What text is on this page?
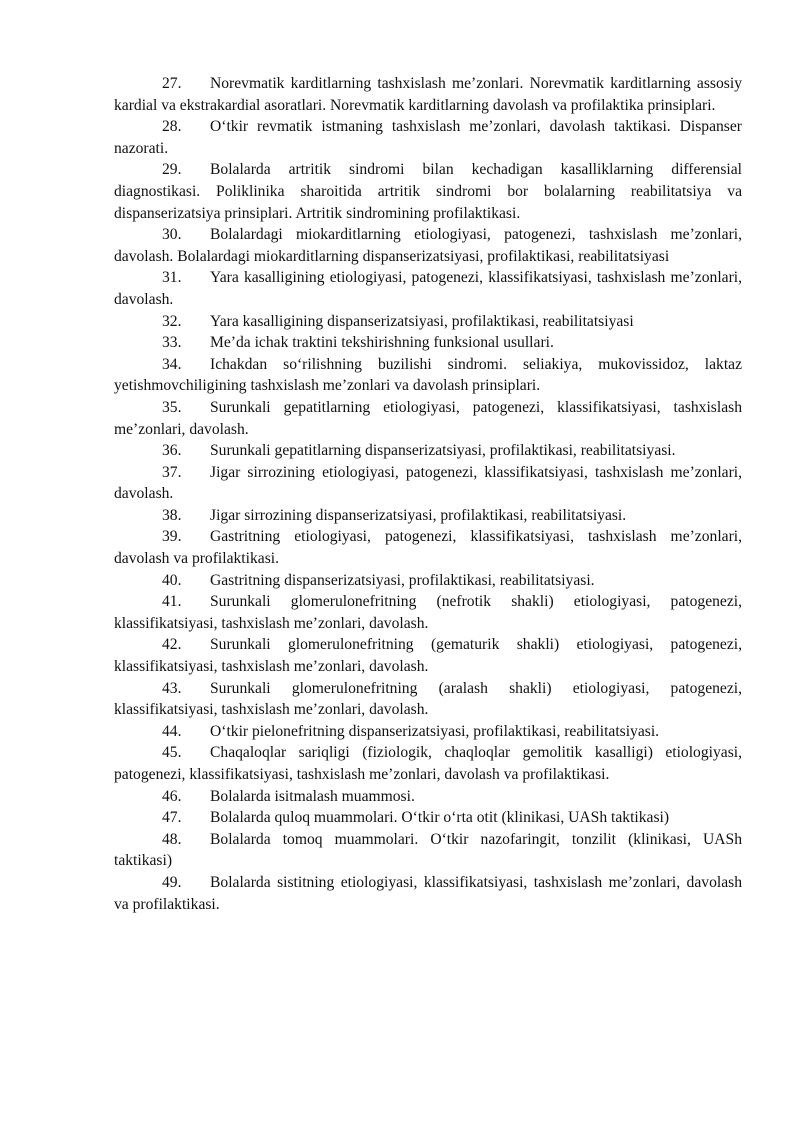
27. Norevmatik karditlarning tashxislash me’zonlari. Norevmatik karditlarning assosiy kardial va ekstrakardial asoratlari. Norevmatik karditlarning davolash va profilaktika prinsiplari.

28. O‘tkir revmatik istmaning tashxislash me’zonlari, davolash taktikasi. Dispanser nazorati.

29. Bolalarda artritik sindromi bilan kechadigan kasalliklarning differensial diagnostikasi. Poliklinika sharoitida artritik sindromi bor bolalarning reabilitatsiya va dispanserizatsiya prinsiplari. Artritik sindromining profilaktikasi.

30. Bolalardagi miokarditlarning etiologiyasi, patogenezi, tashxislash me’zonlari, davolash. Bolalardagi miokarditlarning dispanserizatsiyasi, profilaktikasi, reabilitatsiyasi

31. Yara kasalligining etiologiyasi, patogenezi, klassifikatsiyasi, tashxislash me’zonlari, davolash.

32. Yara kasalligining dispanserizatsiyasi, profilaktikasi, reabilitatsiyasi

33. Me’da ichak traktini tekshirishning funksional usullari.

34. Ichakdan so‘rilishning buzilishi sindromi. seliakiya, mukovissidoz, laktaz yetishmovchiligining tashxislash me’zonlari va davolash prinsiplari.

35. Surunkali gepatitlarning etiologiyasi, patogenezi, klassifikatsiyasi, tashxislash me’zonlari, davolash.

36. Surunkali gepatitlarning dispanserizatsiyasi, profilaktikasi, reabilitatsiyasi.

37. Jigar sirrozining etiologiyasi, patogenezi, klassifikatsiyasi, tashxislash me’zonlari, davolash.

38. Jigar sirrozining dispanserizatsiyasi, profilaktikasi, reabilitatsiyasi.

39. Gastritning etiologiyasi, patogenezi, klassifikatsiyasi, tashxislash me’zonlari, davolash va profilaktikasi.

40. Gastritning dispanserizatsiyasi, profilaktikasi, reabilitatsiyasi.

41. Surunkali glomerulonefritning (nefrotik shakli) etiologiyasi, patogenezi, klassifikatsiyasi, tashxislash me’zonlari, davolash.

42. Surunkali glomerulonefritning (gematurik shakli) etiologiyasi, patogenezi, klassifikatsiyasi, tashxislash me’zonlari, davolash.

43. Surunkali glomerulonefritning (aralash shakli) etiologiyasi, patogenezi, klassifikatsiyasi, tashxislash me’zonlari, davolash.

44. O‘tkir pielonefritning dispanserizatsiyasi, profilaktikasi, reabilitatsiyasi.

45. Chaqaloqlar sariqligi (fiziologik, chaqloqlar gemolitik kasalligi) etiologiyasi, patogenezi, klassifikatsiyasi, tashxislash me’zonlari, davolash va profilaktikasi.

46. Bolalarda isitmalash muammosi.

47. Bolalarda quloq muammolari. O‘tkir o‘rta otit (klinikasi, UASh taktikasi)

48. Bolalarda tomoq muammolari. O‘tkir nazofaringit, tonzilit (klinikasi, UASh taktikasi)

49. Bolalarda sistitning etiologiyasi, klassifikatsiyasi, tashxislash me’zonlari, davolash va profilaktikasi.
